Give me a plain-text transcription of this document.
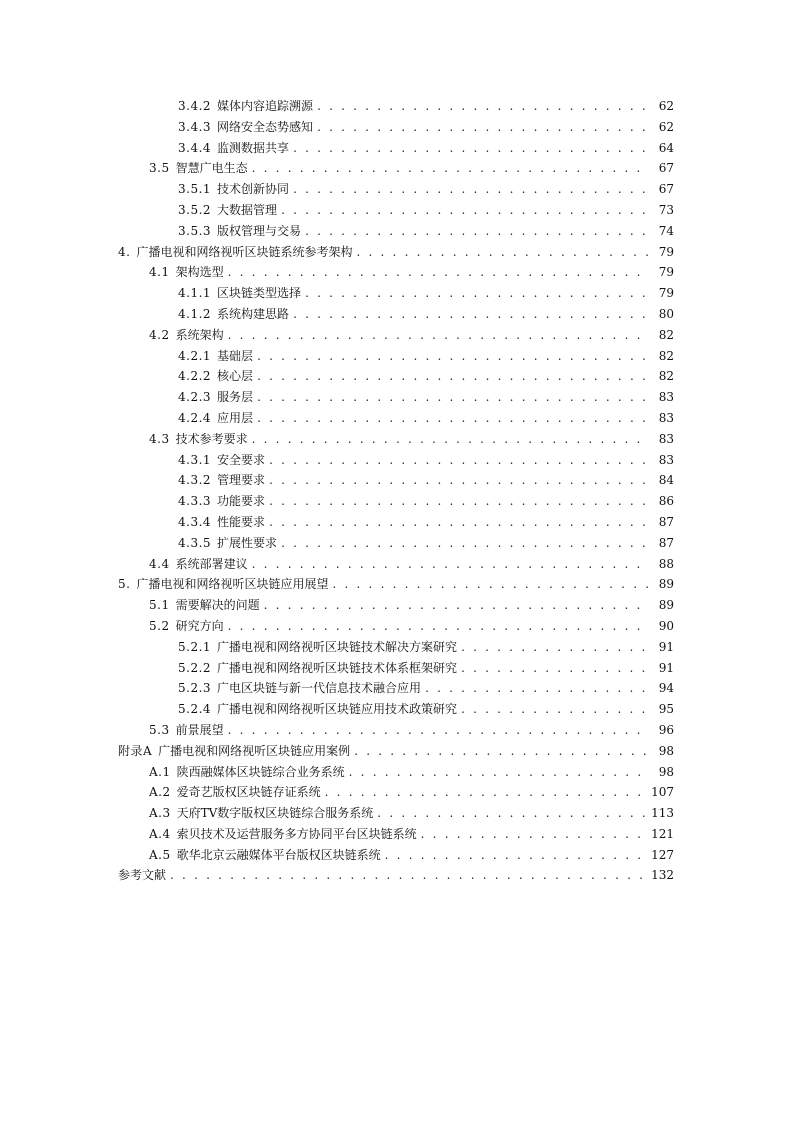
3.4.2 媒体内容追踪溯源 . . .	62
3.4.3 网络安全态势感知 . . .	62
3.4.4 监测数据共享 . . .	64
3.5 智慧广电生态 . . .	67
3.5.1 技术创新协同 . . .	67
3.5.2 大数据管理 . . .	73
3.5.3 版权管理与交易 . . .	74
4. 广播电视和网络视听区块链系统参考架构 . . .	79
4.1 架构选型 . . .	79
4.1.1 区块链类型选择 . . .	79
4.1.2 系统构建思路 . . .	80
4.2 系统架构 . . .	82
4.2.1 基础层 . . .	82
4.2.2 核心层 . . .	82
4.2.3 服务层 . . .	83
4.2.4 应用层 . . .	83
4.3 技术参考要求 . . .	83
4.3.1 安全要求 . . .	83
4.3.2 管理要求 . . .	84
4.3.3 功能要求 . . .	86
4.3.4 性能要求 . . .	87
4.3.5 扩展性要求 . . .	87
4.4 系统部署建议 . . .	88
5. 广播电视和网络视听区块链应用展望 . . .	89
5.1 需要解决的问题 . . .	89
5.2 研究方向 . . .	90
5.2.1 广播电视和网络视听区块链技术解决方案研究 . . .	91
5.2.2 广播电视和网络视听区块链技术体系框架研究 . . .	91
5.2.3 广电区块链与新一代信息技术融合应用 . . .	94
5.2.4 广播电视和网络视听区块链应用技术政策研究 . . .	95
5.3 前景展望 . . .	96
附录A 广播电视和网络视听区块链应用案例 . . .	98
A.1 陕西融媒体区块链综合业务系统 . . .	98
A.2 爱奇艺版权区块链存证系统 . . .	107
A.3 天府TV数字版权区块链综合服务系统 . . .	113
A.4 索贝技术及运营服务多方协同平台区块链系统 . . .	121
A.5 歌华北京云融媒体平台版权区块链系统 . . .	127
参考文献 . . .	132
